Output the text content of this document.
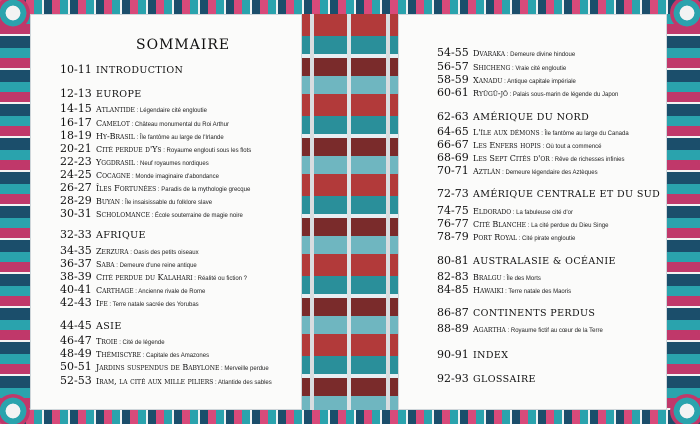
SOMMAIRE
10-11 INTRODUCTION
12-13 EUROPE
14-15 Atlantide : Légendaire cité engloutie
16-17 Camelot : Château monumental du Roi Arthur
18-19 Hy-Brasil : Île fantôme au large de l'Irlande
20-21 Cité perdue d'Ys : Royaume englouti sous les flots
22-23 Yggdrasil : Neuf royaumes nordiques
24-25 Cocagne : Monde imaginaire d'abondance
26-27 Îles Fortunées : Paradis de la mythologie grecque
28-29 Buyan : Île insaisissable du folklore slave
30-31 Scholomance : École souterraine de magie noire
32-33 AFRIQUE
34-35 Zerzura : Oasis des petits oiseaux
36-37 Saba : Demeure d'une reine antique
38-39 Cité perdue du Kalahari : Réalité ou fiction ?
40-41 Carthage : Ancienne rivale de Rome
42-43 Ife : Terre natale sacrée des Yorubas
44-45 ASIE
46-47 Troie : Cité de légende
48-49 Thémiscyre : Capitale des Amazones
50-51 Jardins suspendus de Babylone : Merveille perdue
52-53 Iram, la cité aux mille piliers : Atlantide des sables
54-55 Dvaraka : Demeure divine hindoue
56-57 Shicheng : Vraie cité engloutie
58-59 Xanadu : Antique capitale impériale
60-61 Ryūgū-jō : Palais sous-marin de légende du Japon
62-63 AMÉRIQUE DU NORD
64-65 L'île aux démons : Île fantôme au large du Canada
66-67 Les Enfers hopis : Où tout a commencé
68-69 Les Sept Cités d'or : Rêve de richesses infinies
70-71 Aztlán : Demeure légendaire des Aztèques
72-73 AMÉRIQUE CENTRALE ET DU SUD
74-75 Eldorado : La fabuleuse cité d'or
76-77 Cité Blanche : La cité perdue du Dieu Singe
78-79 Port Royal : Cité pirate engloutie
80-81 AUSTRALASIE & OCÉANIE
82-83 Bralgu : Île des Morts
84-85 Hawaiki : Terre natale des Maoris
86-87 CONTINENTS PERDUS
88-89 Agartha : Royaume fictif au cœur de la Terre
90-91 INDEX
92-93 GLOSSAIRE
